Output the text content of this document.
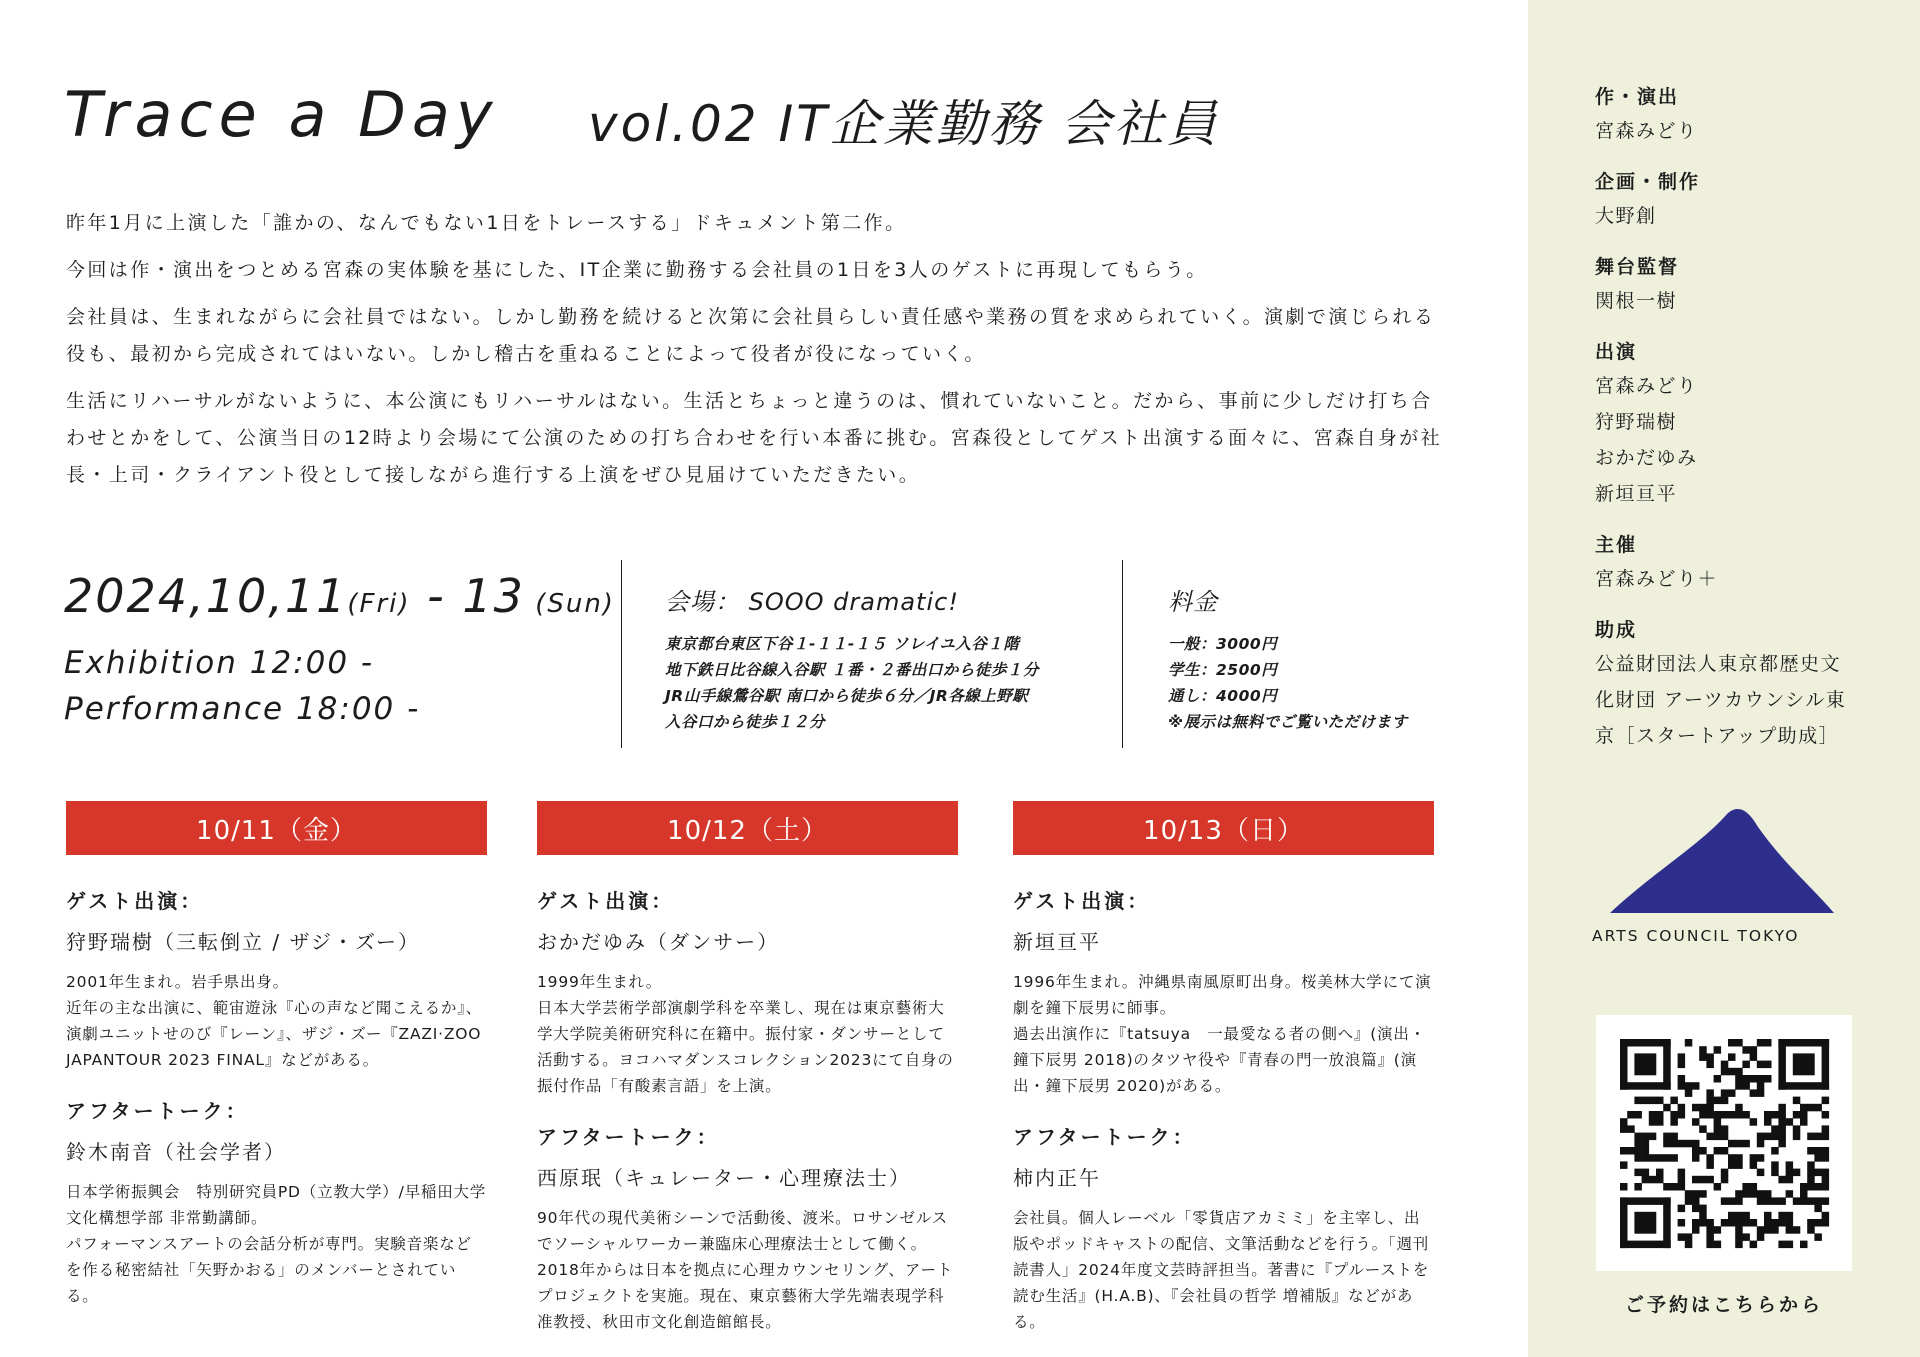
Trace a Day vol.02 IT企業勤務 会社員

昨年1月に上演した「誰かの、なんでもない1日をトレースする」ドキュメント第二作。

今回は作・演出をつとめる宮森の実体験を基にした、IT企業に勤務する会社員の1日を3人のゲストに再現してもらう。

会社員は、生まれながらに会社員ではない。しかし勤務を続けると次第に会社員らしい責任感や業務の質を求められていく。演劇で演じられる役も、最初から完成されてはいない。しかし稽古を重ねることによって役者が役になっていく。

生活にリハーサルがないように、本公演にもリハーサルはない。生活とちょっと違うのは、慣れていないこと。だから、事前に少しだけ打ち合わせとかをして、公演当日の12時より会場にて公演のための打ち合わせを行い本番に挑む。宮森役としてゲスト出演する面々に、宮森自身が社長・上司・クライアント役として接しながら進行する上演をぜひ見届けていただきたい。

2024,10,11(Fri) - 13 (Sun)
Exhibition 12:00 -
Performance 18:00 -
会場： SOOO dramatic!
東京都台東区下谷１-１１-１５ ソレイユ入谷１階
地下鉄日比谷線入谷駅 １番・２番出口から徒歩１分
JR山手線鶯谷駅 南口から徒歩６分／JR各線上野駅
入谷口から徒歩１２分
料金
一般：3000円
学生：2500円
通し：4000円
※展示は無料でご覧いただけます
10/11（金）
ゲスト出演：
狩野瑞樹（三転倒立 / ザジ・ズー）
2001年生まれ。岩手県出身。
近年の主な出演に、範宙遊泳『心の声など聞こえるか』、演劇ユニットせのび『レーン』、ザジ・ズー『ZAZI·ZOO JAPANTOUR 2023 FINAL』などがある。
アフタートーク：
鈴木南音（社会学者）
日本学術振興会　特別研究員PD（立教大学）/早稲田大学文化構想学部 非常勤講師。
パフォーマンスアートの会話分析が専門。実験音楽などを作る秘密結社「矢野かおる」のメンバーとされている。
10/12（土）
ゲスト出演：
おかだゆみ（ダンサー）
1999年生まれ。
日本大学芸術学部演劇学科を卒業し、現在は東京藝術大学大学院美術研究科に在籍中。振付家・ダンサーとして活動する。ヨコハマダンスコレクション2023にて自身の振付作品「有酸素言語」を上演。
アフタートーク：
西原珉（キュレーター・心理療法士）
90年代の現代美術シーンで活動後、渡米。ロサンゼルスでソーシャルワーカー兼臨床心理療法士として働く。2018年からは日本を拠点に心理カウンセリング、アートプロジェクトを実施。現在、東京藝術大学先端表現学科准教授、秋田市文化創造館館長。
10/13（日）
ゲスト出演：
新垣亘平
1996年生まれ。沖縄県南風原町出身。桜美林大学にて演劇を鐘下辰男に師事。
過去出演作に『tatsuya　一最愛なる者の側へ』(演出・鐘下辰男 2018)のタツヤ役や『青春の門一放浪篇』(演出・鐘下辰男 2020)がある。
アフタートーク：
柿内正午
会社員。個人レーベル「零貨店アカミミ」を主宰し、出版やポッドキャストの配信、文筆活動などを行う。「週刊読書人」2024年度文芸時評担当。著書に『プルーストを読む生活』(H.A.B)、『会社員の哲学 増補版』などがある。
作・演出
宮森みどり
企画・制作
大野創
舞台監督
関根一樹
出演
宮森みどり
狩野瑞樹
おかだゆみ
新垣亘平
主催
宮森みどり＋
助成
公益財団法人東京都歴史文化財団 アーツカウンシル東京［スタートアップ助成］
ARTS COUNCIL TOKYO
ご予約はこちらから
